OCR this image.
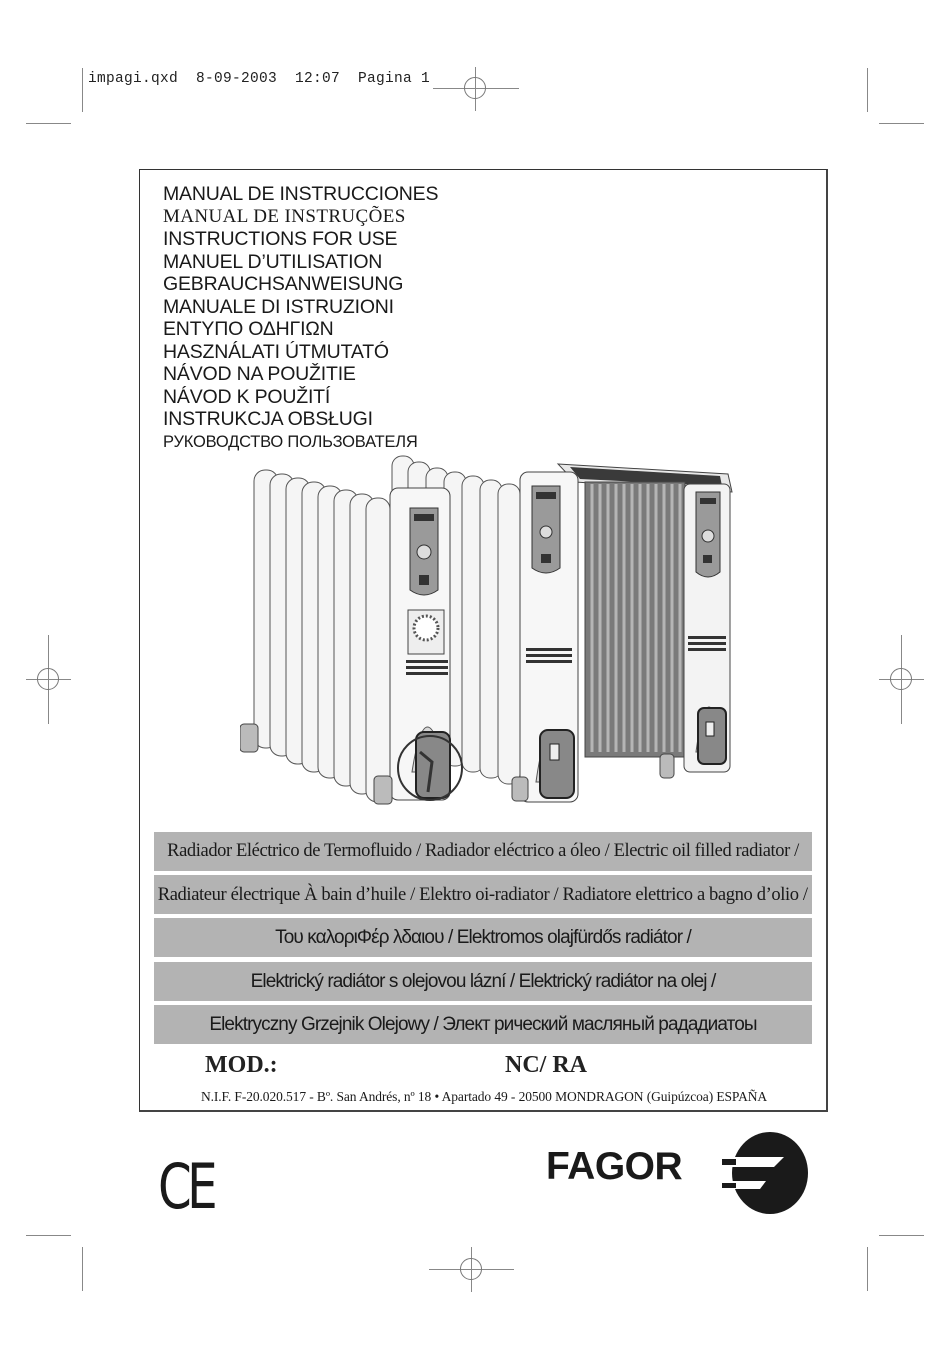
impagi.qxd  8-09-2003  12:07  Pagina 1
MANUAL DE INSTRUCCIONES
MANUAL DE INSTRUÇÕES
INSTRUCTIONS FOR USE
MANUEL D’UTILISATION
GEBRAUCHSANWEISUNG
MANUALE DI ISTRUZIONI
ΕΝΤΥΠΟ ΟΔΗΓΙΩΝ
HASZNÁLATI ÚTMUTATÓ
NÁVOD NA POUŽITIE
NÁVOD K POUŽITÍ
INSTRUKCJA OBSŁUGI
РУКОВОДСТВО ПОЛЬЗОВАТЕЛЯ
Radiador Eléctrico de Termofluido / Radiador eléctrico a óleo / Electric oil filled radiator /
Radiateur électrique À bain d’huile / Elektro oi-radiator / Radiatore elettrico a bagno d’olio /
Του καλοριΦέρ λδαιου / Elektromos olajfürdős radiátor /
Elektrický radiátor s olejovou lázní / Elektrický radiátor na olej /
Elektryczny Grzejnik Olejowy / Элект рический масляный рададиатоы
MOD.:	NC/ RA
N.I.F. F-20.020.517 - Bº. San Andrés, nº 18 • Apartado 49 - 20500 MONDRAGON (Guipúzcoa) ESPAÑA
CE	FAGOR
